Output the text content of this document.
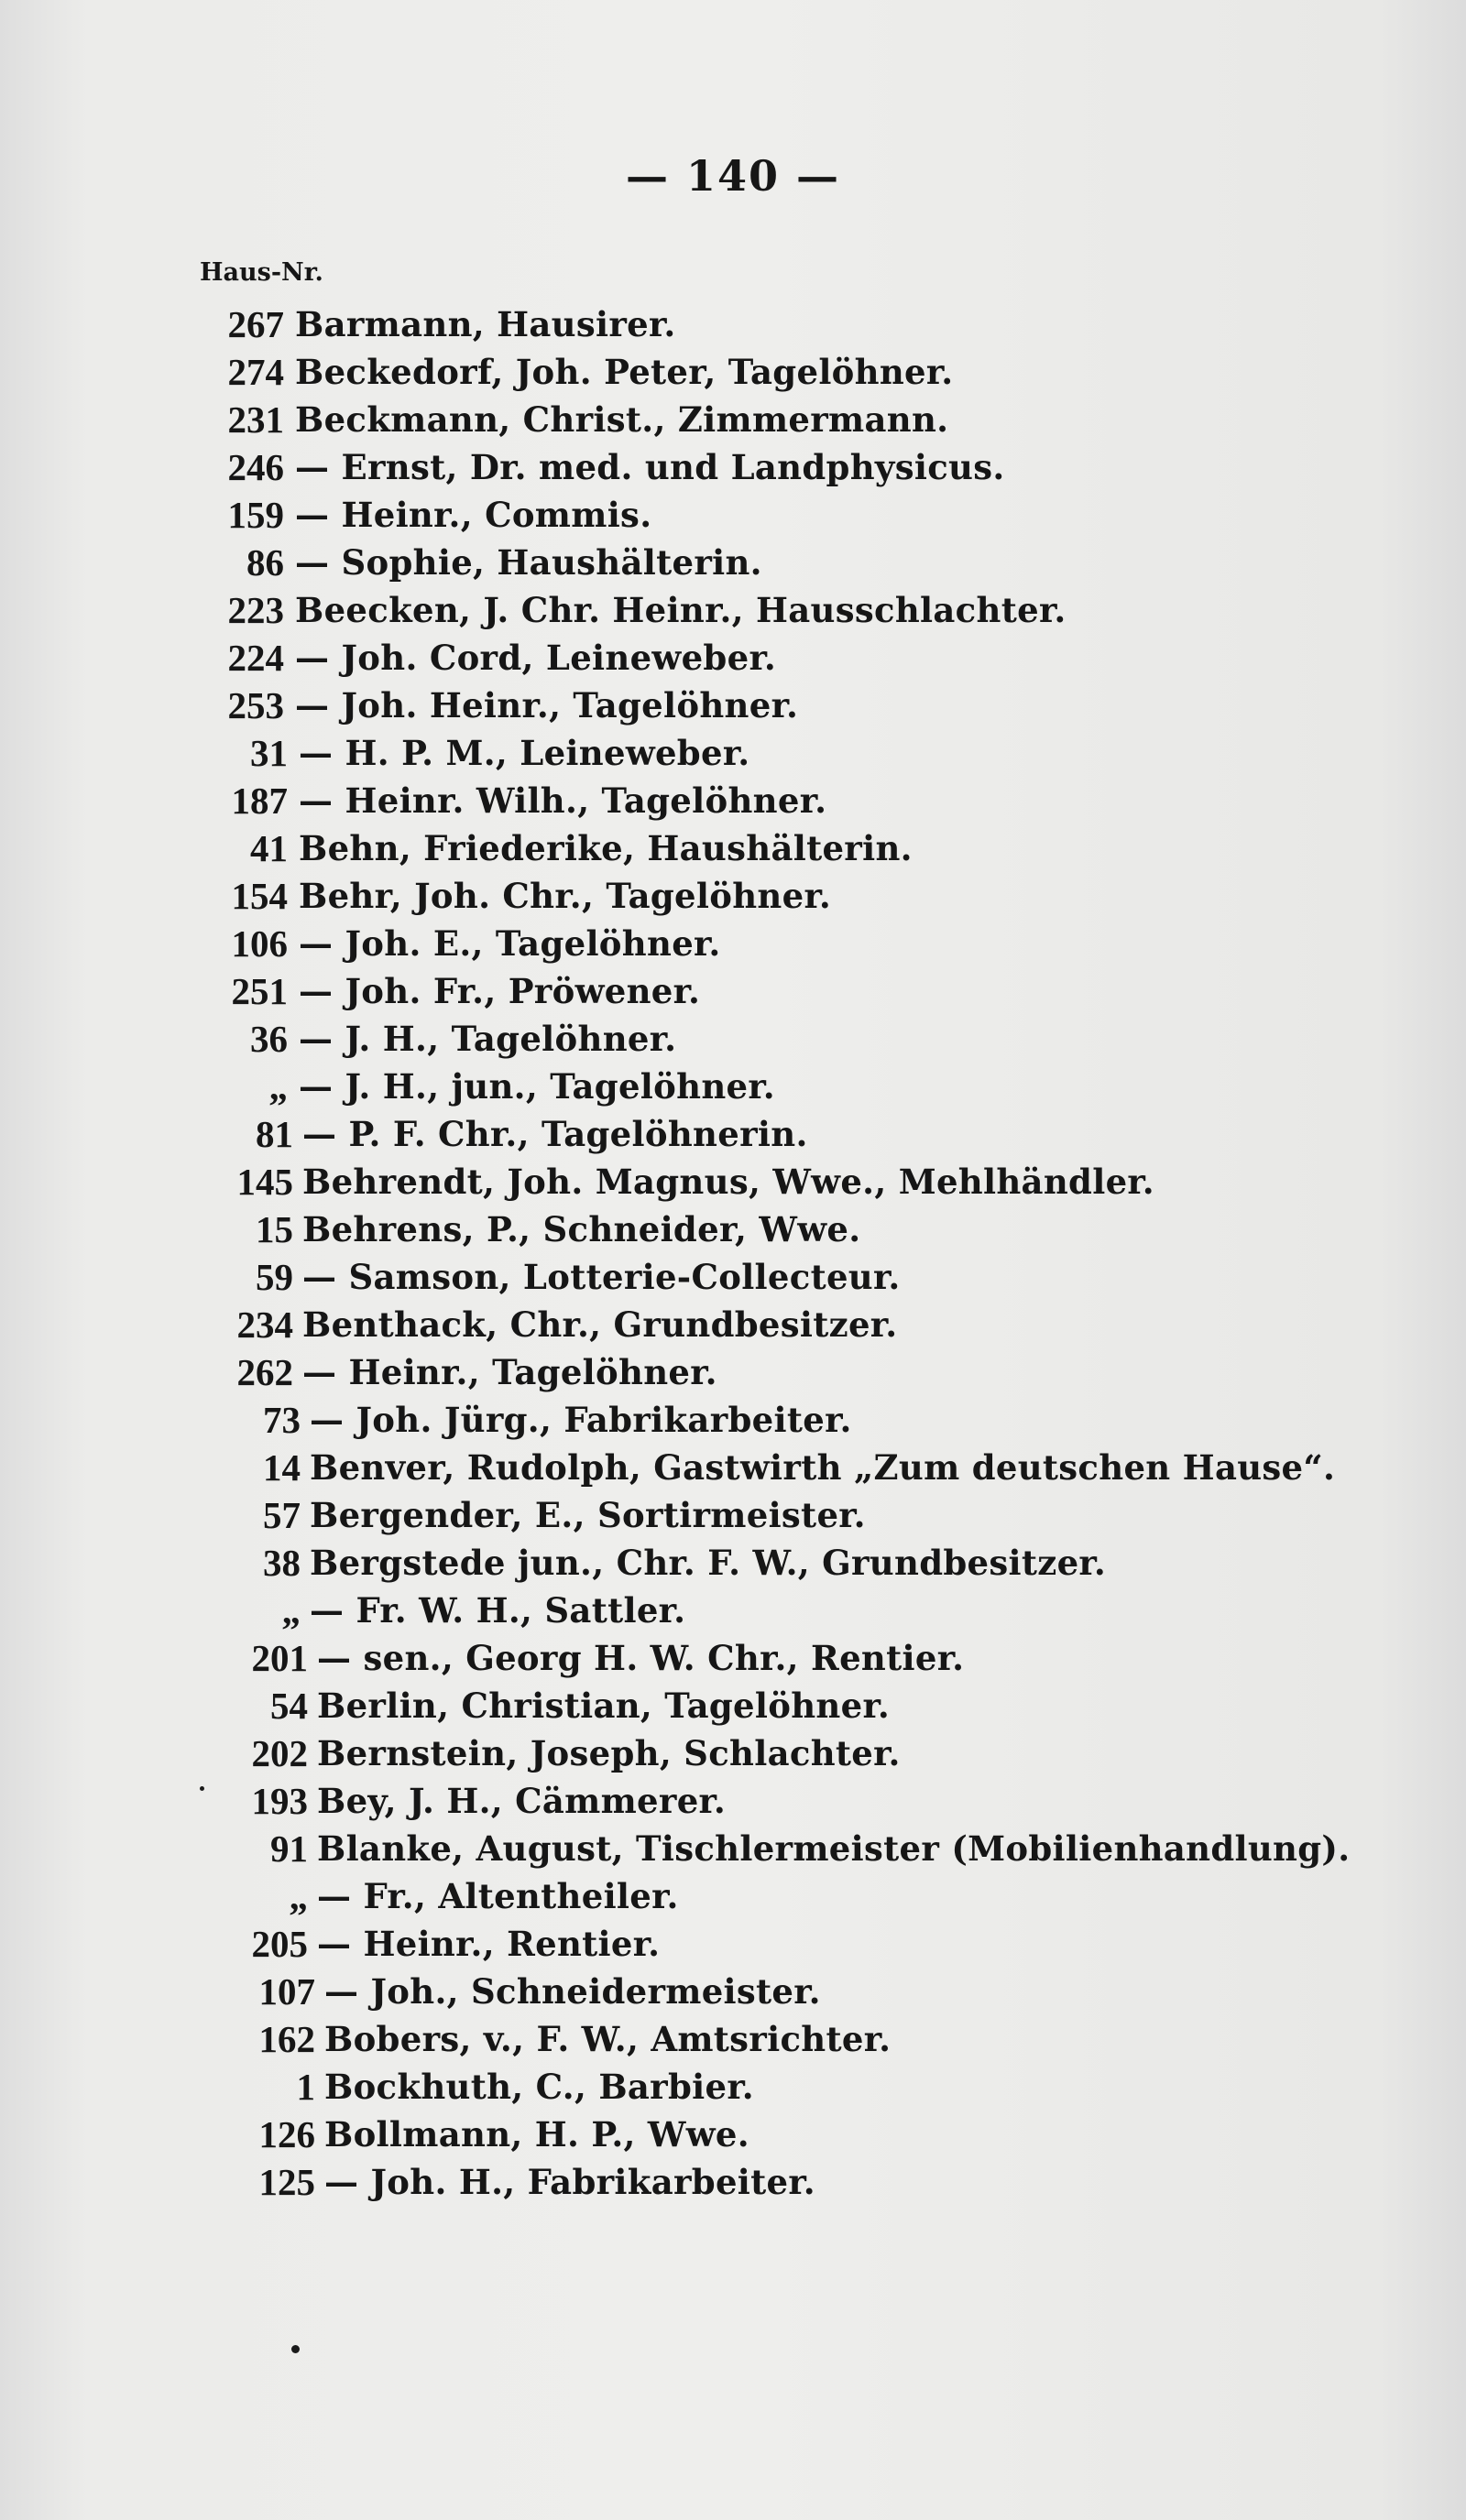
— 140 —
Haus-Nr.
267 Barmann, Hausirer.
274 Beckedorf, Joh. Peter, Tagelöhner.
231 Beckmann, Christ., Zimmermann.
246 — Ernst, Dr. med. und Landphysicus.
159 — Heinr., Commis.
86 — Sophie, Haushälterin.
223 Beecken, J. Chr. Heinr., Hausschlachter.
224 — Joh. Cord, Leineweber.
253 — Joh. Heinr., Tagelöhner.
31 — H. P. M., Leineweber.
187 — Heinr. Wilh., Tagelöhner.
41 Behn, Friederike, Haushälterin.
154 Behr, Joh. Chr., Tagelöhner.
106 — Joh. E., Tagelöhner.
251 — Joh. Fr., Pröwener.
36 — J. H., Tagelöhner.
„ — J. H., jun., Tagelöhner.
81 — P. F. Chr., Tagelöhnerin.
145 Behrendt, Joh. Magnus, Wwe., Mehlhändler.
15 Behrens, P., Schneider, Wwe.
59 — Samson, Lotterie-Collecteur.
234 Benthack, Chr., Grundbesitzer.
262 — Heinr., Tagelöhner.
73 — Joh. Jürg., Fabrikarbeiter.
14 Benver, Rudolph, Gastwirth „Zum deutschen Hause“.
57 Bergender, E., Sortirmeister.
38 Bergstede jun., Chr. F. W., Grundbesitzer.
„ — Fr. W. H., Sattler.
201 — sen., Georg H. W. Chr., Rentier.
54 Berlin, Christian, Tagelöhner.
202 Bernstein, Joseph, Schlachter.
193 Bey, J. H., Cämmerer.
91 Blanke, August, Tischlermeister (Mobilienhandlung).
„ — Fr., Altentheiler.
205 — Heinr., Rentier.
107 — Joh., Schneidermeister.
162 Bobers, v., F. W., Amtsrichter.
1 Bockhuth, C., Barbier.
126 Bollmann, H. P., Wwe.
125 — Joh. H., Fabrikarbeiter.
